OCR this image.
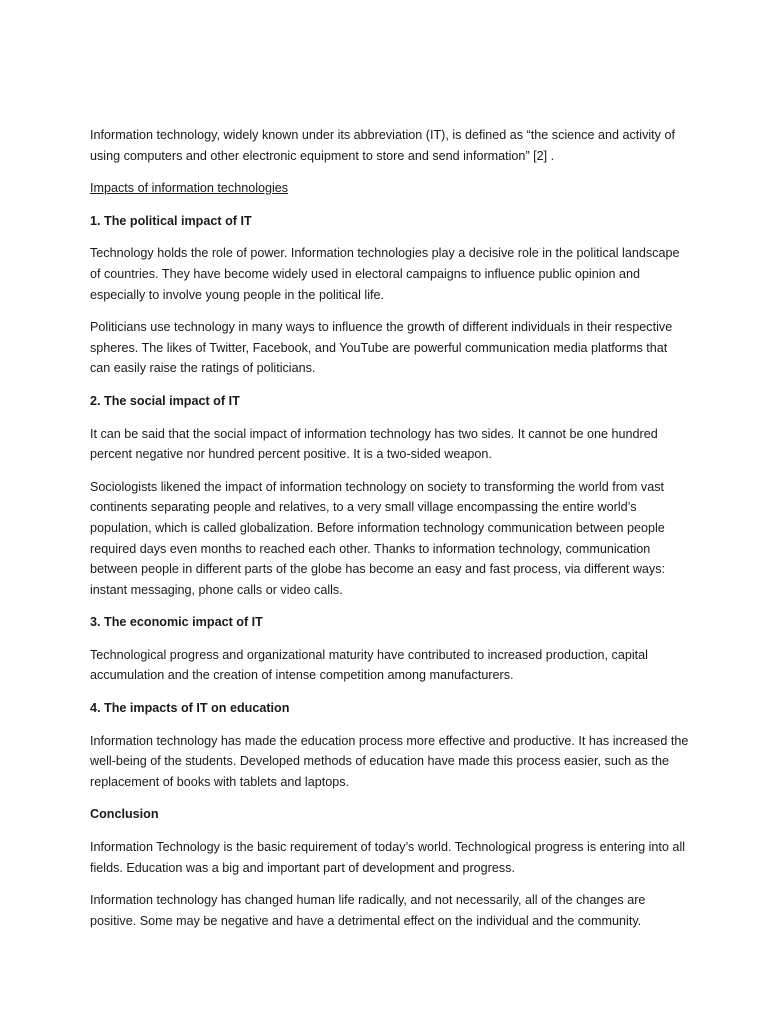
Information technology, widely known under its abbreviation (IT), is defined as “the science and activity of using computers and other electronic equipment to store and send information” [2] .

Impacts of information technologies

1. The political impact of IT

Technology holds the role of power. Information technologies play a decisive role in the political landscape of countries. They have become widely used in electoral campaigns to influence public opinion and especially to involve young people in the political life.

Politicians use technology in many ways to influence the growth of different individuals in their respective spheres. The likes of Twitter, Facebook, and YouTube are powerful communication media platforms that can easily raise the ratings of politicians.

2. The social impact of IT

It can be said that the social impact of information technology has two sides. It cannot be one hundred percent negative nor hundred percent positive. It is a two-sided weapon.

Sociologists likened the impact of information technology on society to transforming the world from vast continents separating people and relatives, to a very small village encompassing the entire world’s population, which is called globalization. Before information technology communication between people required days even months to reached each other. Thanks to information technology, communication between people in different parts of the globe has become an easy and fast process, via different ways: instant messaging, phone calls or video calls.

3. The economic impact of IT

Technological progress and organizational maturity have contributed to increased production, capital accumulation and the creation of intense competition among manufacturers.

4. The impacts of IT on education

Information technology has made the education process more effective and productive. It has increased the well-being of the students. Developed methods of education have made this process easier, such as the replacement of books with tablets and laptops.

Conclusion

Information Technology is the basic requirement of today’s world. Technological progress is entering into all fields. Education was a big and important part of development and progress.

Information technology has changed human life radically, and not necessarily, all of the changes are positive. Some may be negative and have a detrimental effect on the individual and the community.
